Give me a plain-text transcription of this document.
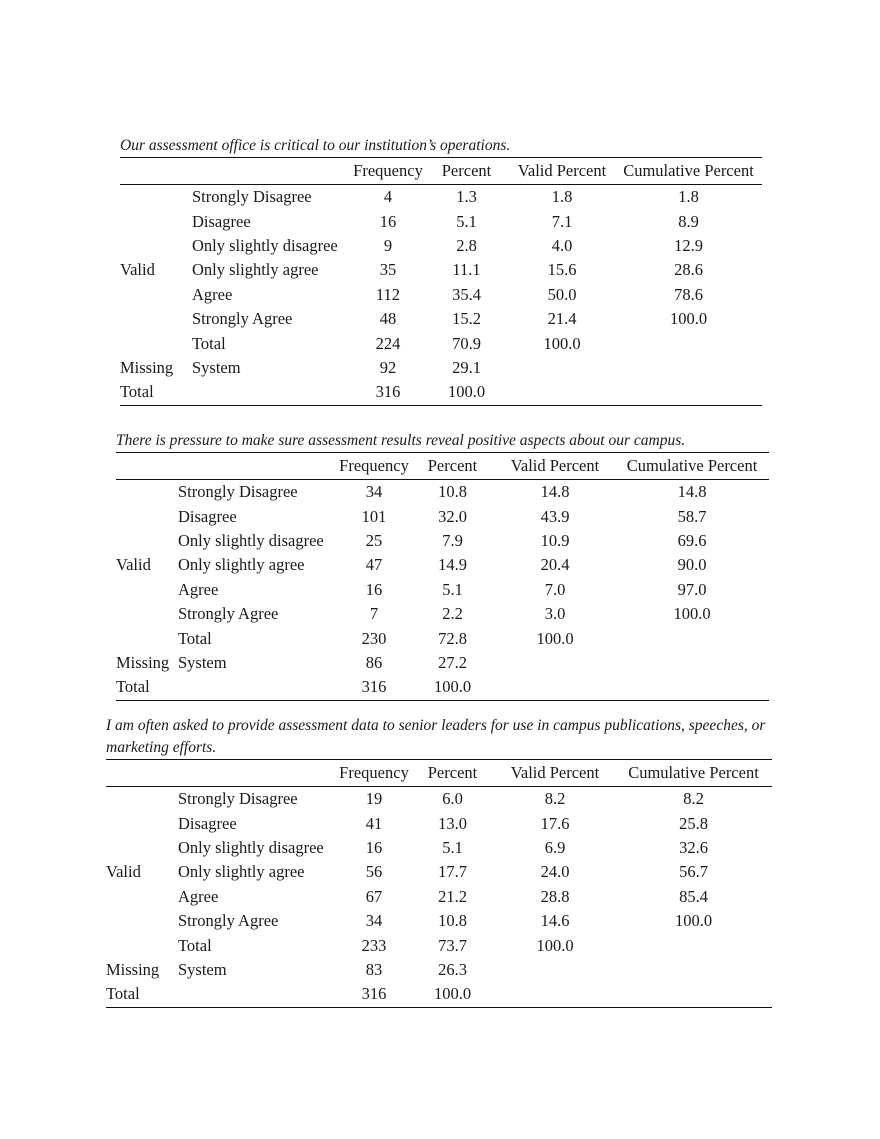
Our assessment office is critical to our institution’s operations.
		Frequency	Percent	Valid Percent	Cumulative Percent
Valid	Strongly Disagree	4	1.3	1.8	1.8
	Disagree	16	5.1	7.1	8.9
	Only slightly disagree	9	2.8	4.0	12.9
	Only slightly agree	35	11.1	15.6	28.6
	Agree	112	35.4	50.0	78.6
	Strongly Agree	48	15.2	21.4	100.0
	Total	224	70.9	100.0	
Missing	System	92	29.1		
Total		316	100.0		
There is pressure to make sure assessment results reveal positive aspects about our campus.
		Frequency	Percent	Valid Percent	Cumulative Percent
Valid	Strongly Disagree	34	10.8	14.8	14.8
	Disagree	101	32.0	43.9	58.7
	Only slightly disagree	25	7.9	10.9	69.6
	Only slightly agree	47	14.9	20.4	90.0
	Agree	16	5.1	7.0	97.0
	Strongly Agree	7	2.2	3.0	100.0
	Total	230	72.8	100.0	
Missing	System	86	27.2		
Total		316	100.0		
I am often asked to provide assessment data to senior leaders for use in campus publications, speeches, or marketing efforts.
		Frequency	Percent	Valid Percent	Cumulative Percent
Valid	Strongly Disagree	19	6.0	8.2	8.2
	Disagree	41	13.0	17.6	25.8
	Only slightly disagree	16	5.1	6.9	32.6
	Only slightly agree	56	17.7	24.0	56.7
	Agree	67	21.2	28.8	85.4
	Strongly Agree	34	10.8	14.6	100.0
	Total	233	73.7	100.0	
Missing	System	83	26.3		
Total		316	100.0		
